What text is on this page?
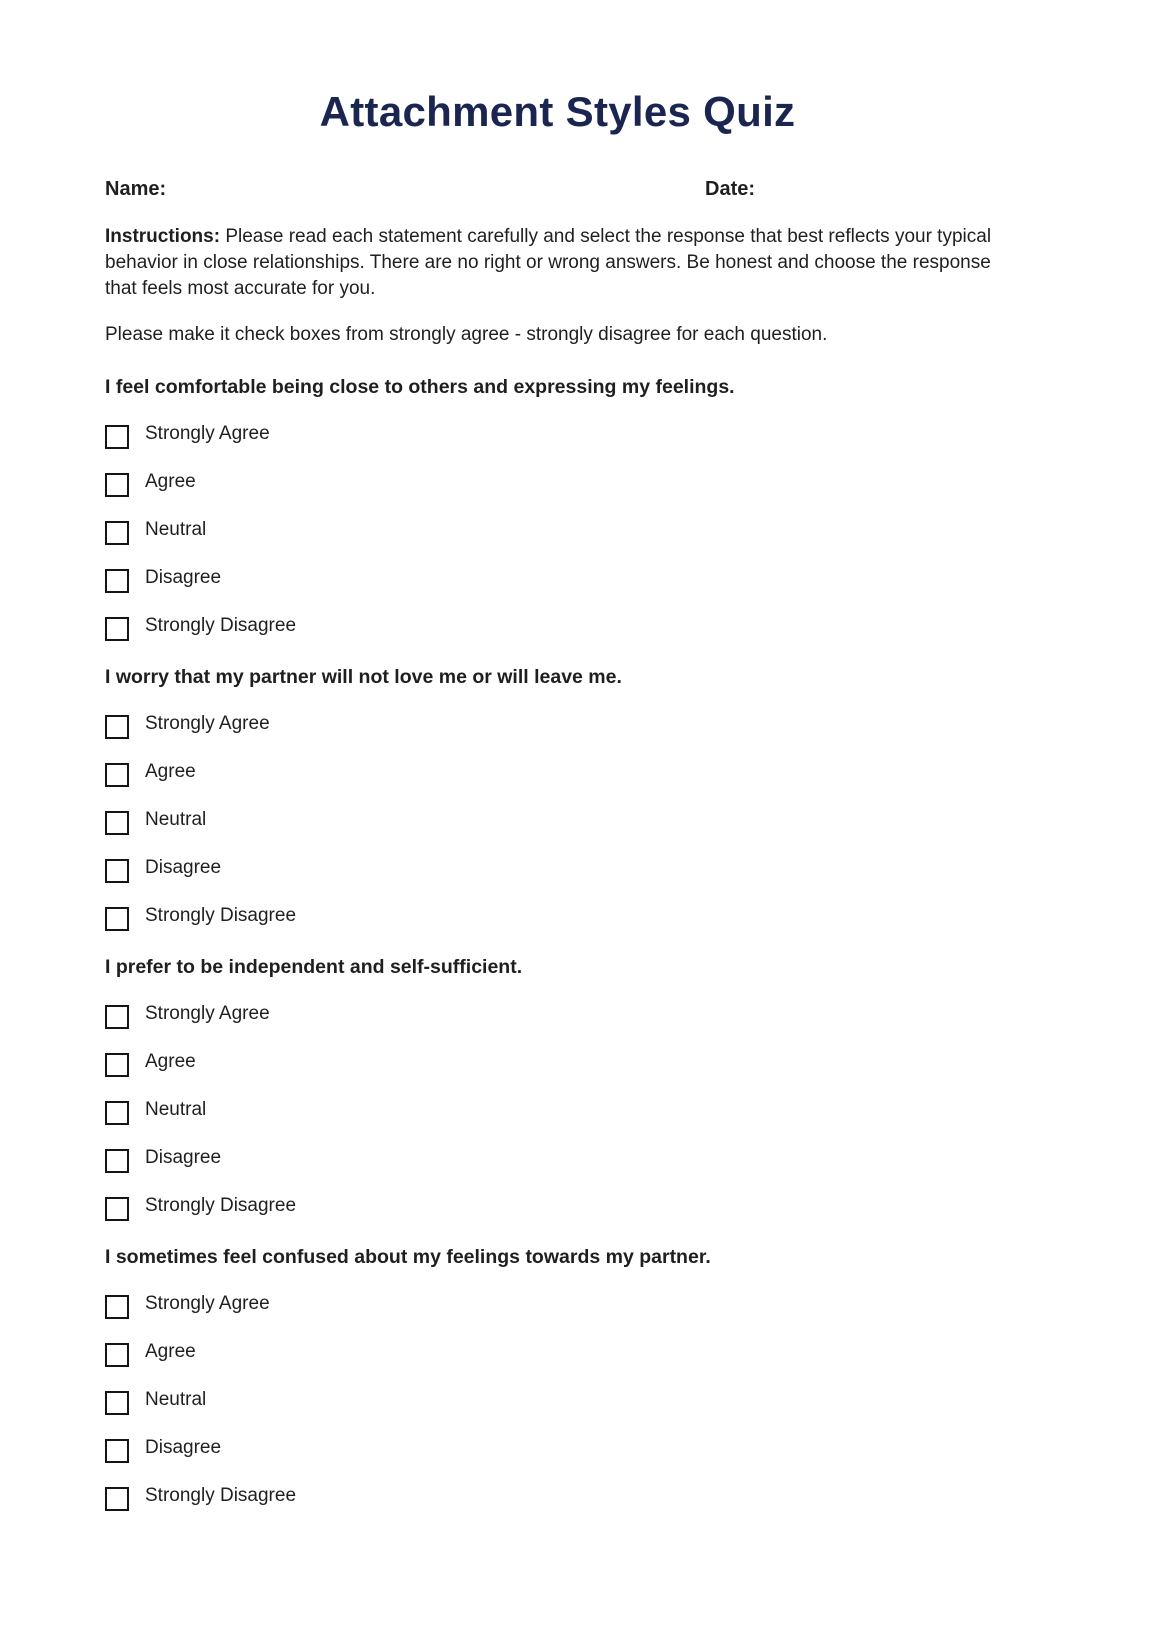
Attachment Styles Quiz
Name:	Date:

Instructions: Please read each statement carefully and select the response that best reflects your typical behavior in close relationships. There are no right or wrong answers. Be honest and choose the response that feels most accurate for you.

Please make it check boxes from strongly agree - strongly disagree for each question.

I feel comfortable being close to others and expressing my feelings.
Strongly Agree
Agree
Neutral
Disagree
Strongly Disagree
I worry that my partner will not love me or will leave me.
Strongly Agree
Agree
Neutral
Disagree
Strongly Disagree
I prefer to be independent and self-sufficient.
Strongly Agree
Agree
Neutral
Disagree
Strongly Disagree
I sometimes feel confused about my feelings towards my partner.
Strongly Agree
Agree
Neutral
Disagree
Strongly Disagree
